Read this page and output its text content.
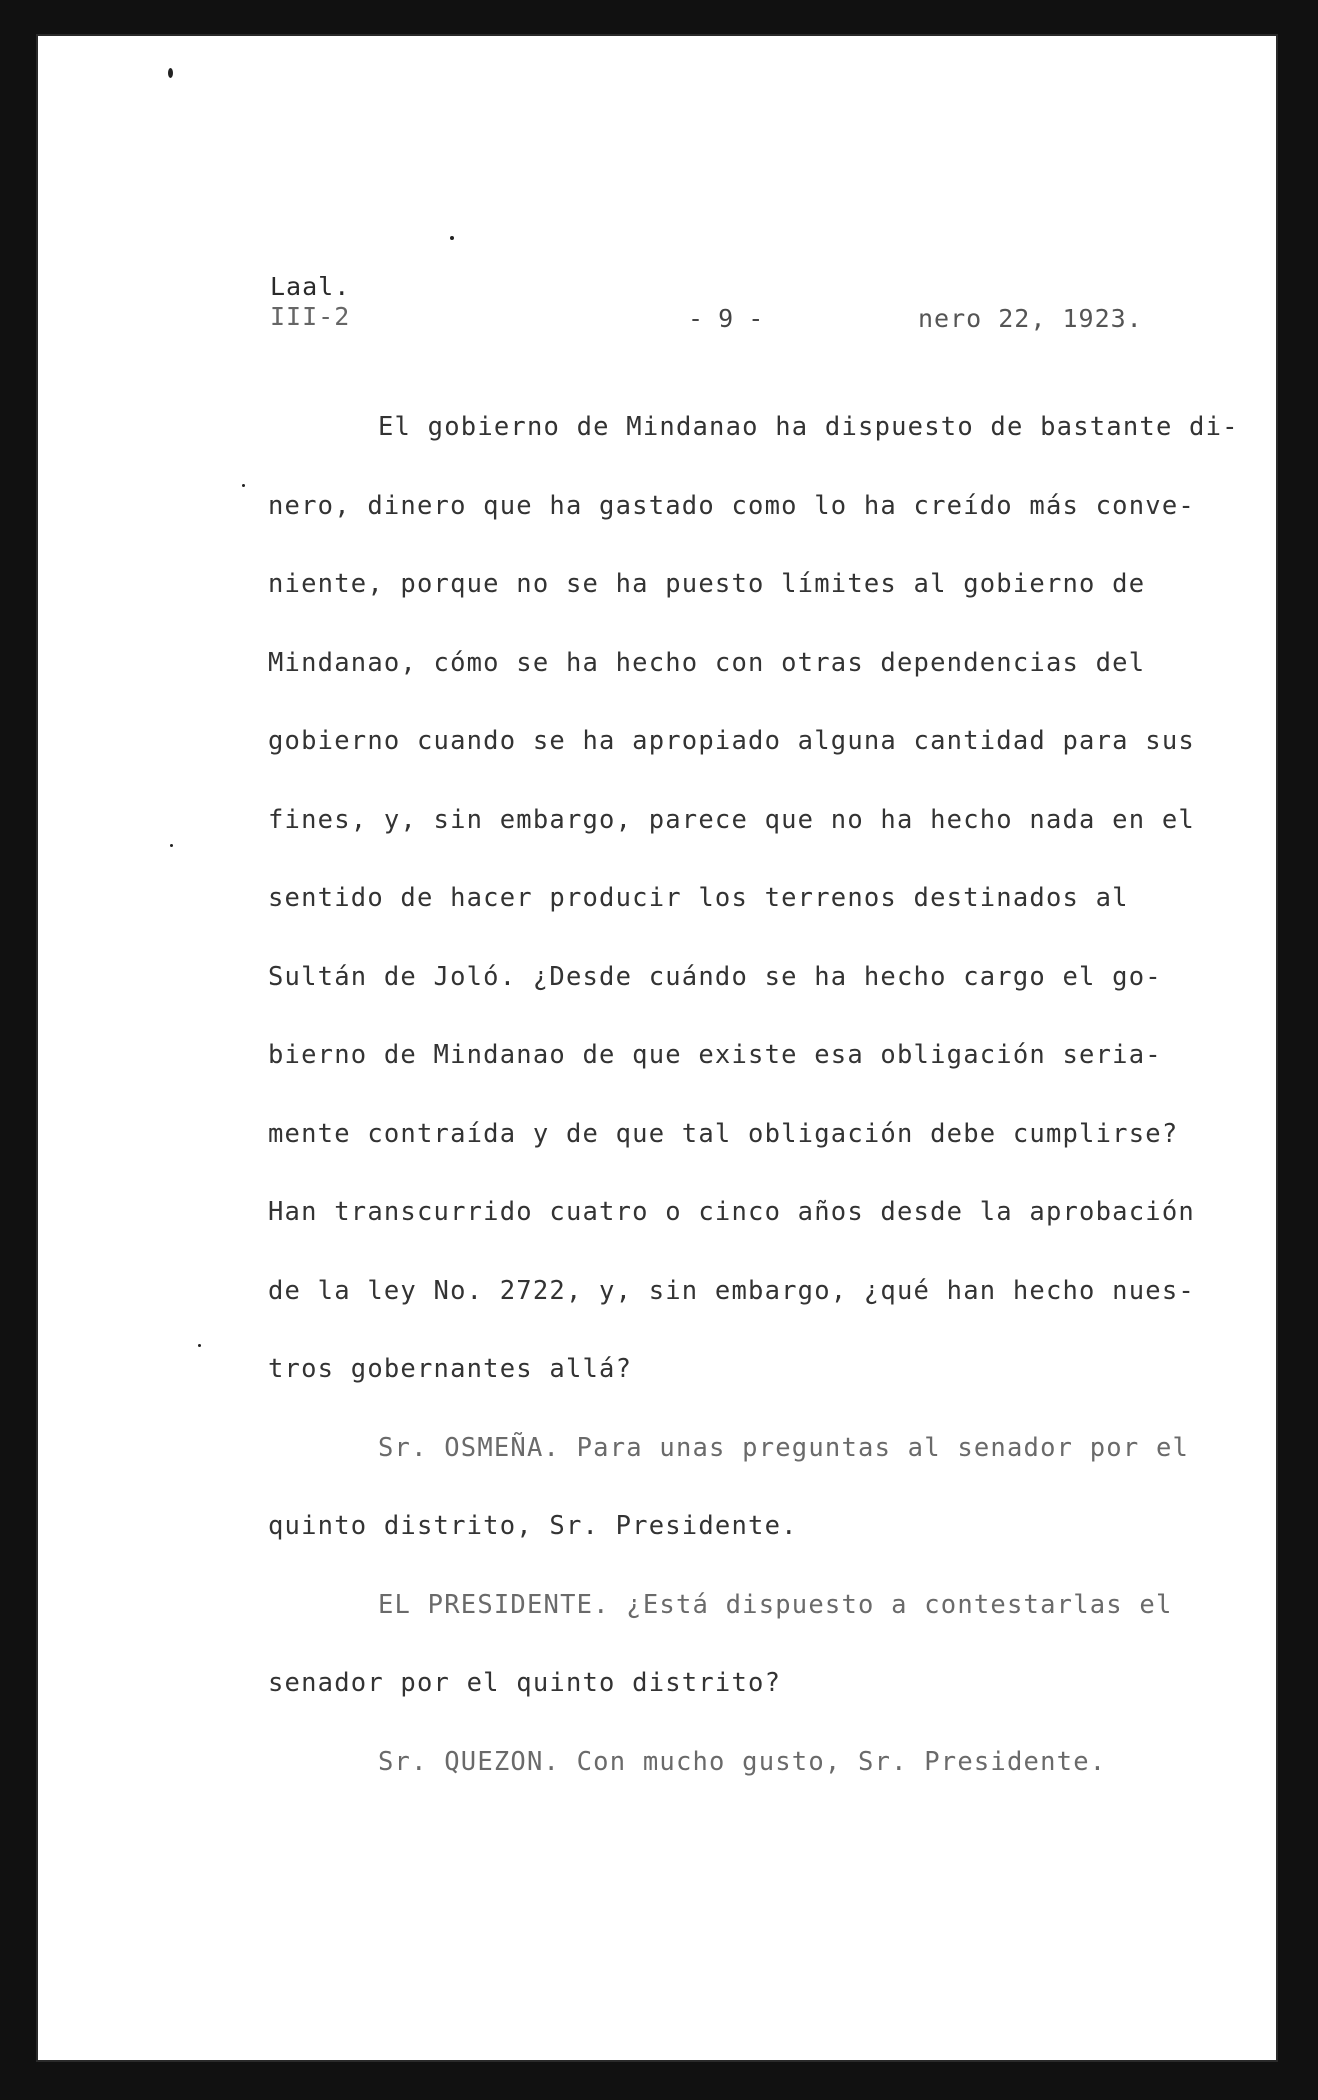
Laal.
III-2	- 9 -	nero 22, 1923.
El gobierno de Mindanao ha dispuesto de bastante di-
nero, dinero que ha gastado como lo ha creído más conve-
niente, porque no se ha puesto límites al gobierno de
Mindanao, cómo se ha hecho con otras dependencias del
gobierno cuando se ha apropiado alguna cantidad para sus
fines, y, sin embargo, parece que no ha hecho nada en el
sentido de hacer producir los terrenos destinados al
Sultán de Joló. ¿Desde cuándo se ha hecho cargo el go-
bierno de Mindanao de que existe esa obligación seria-
mente contraída y de que tal obligación debe cumplirse?
Han transcurrido cuatro o cinco años desde la aprobación
de la ley No. 2722, y, sin embargo, ¿qué han hecho nues-
tros gobernantes allá?
Sr. OSMEÑA. Para unas preguntas al senador por el
quinto distrito, Sr. Presidente.
EL PRESIDENTE. ¿Está dispuesto a contestarlas el
senador por el quinto distrito?
Sr. QUEZON. Con mucho gusto, Sr. Presidente.
